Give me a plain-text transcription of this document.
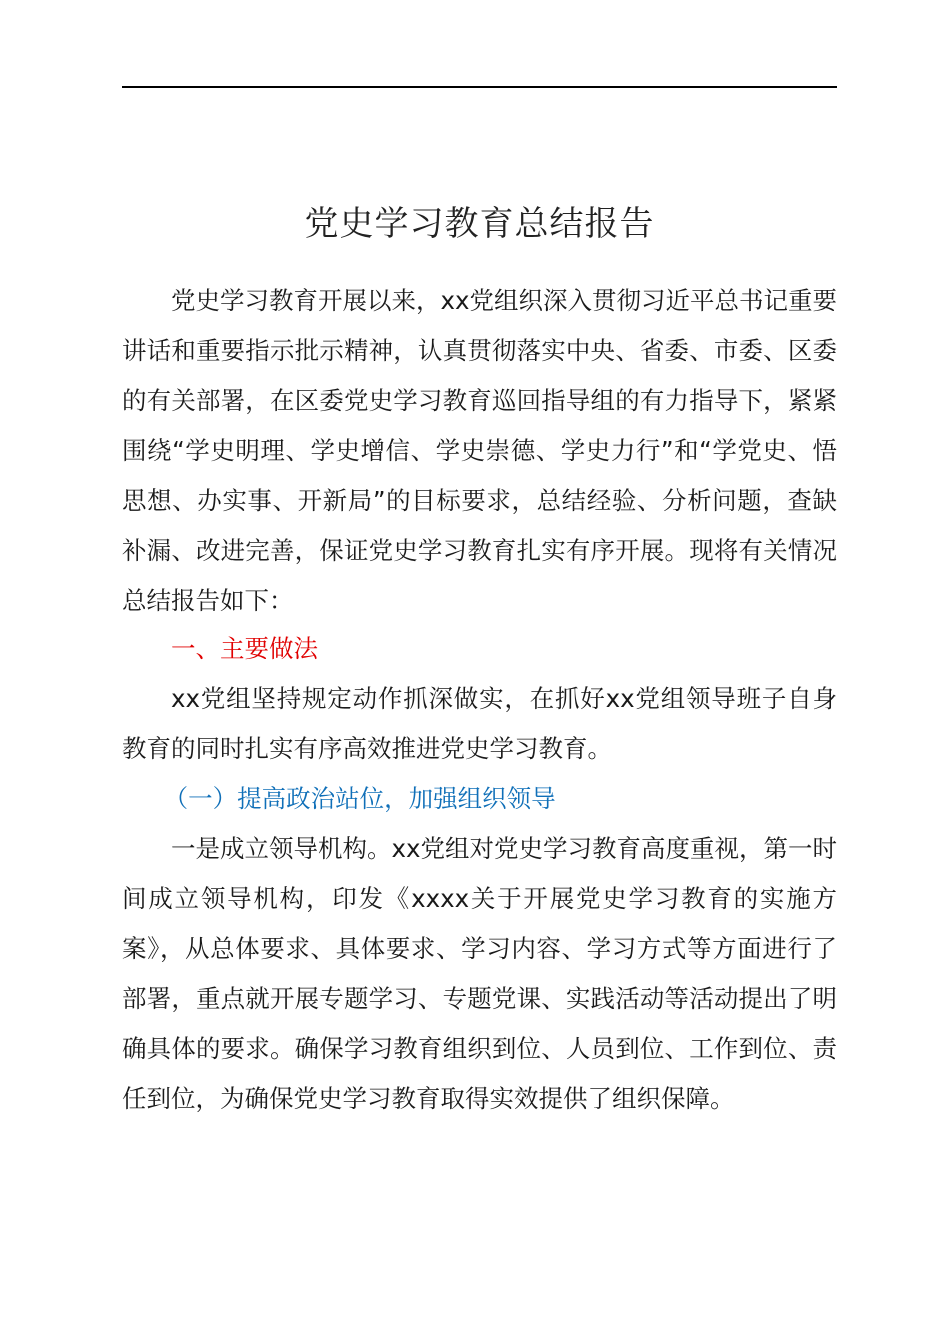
党史学习教育总结报告

党史学习教育开展以来，xx党组织深入贯彻习近平总书记重要讲话和重要指示批示精神，认真贯彻落实中央、省委、市委、区委的有关部署，在区委党史学习教育巡回指导组的有力指导下，紧紧围绕“学史明理、学史增信、学史崇德、学史力行”和“学党史、悟思想、办实事、开新局”的目标要求，总结经验、分析问题，查缺补漏、改进完善，保证党史学习教育扎实有序开展。现将有关情况总结报告如下：

一、主要做法

xx党组坚持规定动作抓深做实，在抓好xx党组领导班子自身教育的同时扎实有序高效推进党史学习教育。

（一）提高政治站位，加强组织领导

一是成立领导机构。xx党组对党史学习教育高度重视，第一时间成立领导机构，印发《xxxx关于开展党史学习教育的实施方案》，从总体要求、具体要求、学习内容、学习方式等方面进行了部署，重点就开展专题学习、专题党课、实践活动等活动提出了明确具体的要求。确保学习教育组织到位、人员到位、工作到位、责任到位，为确保党史学习教育取得实效提供了组织保障。
